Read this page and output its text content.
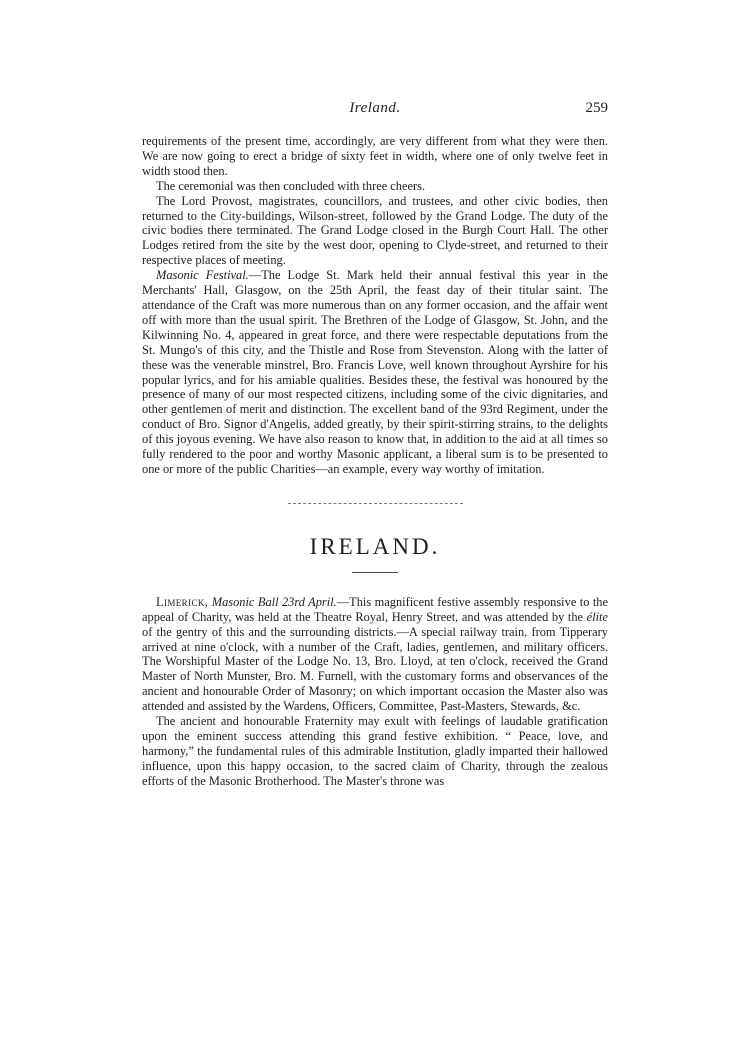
Ireland.	259

requirements of the present time, accordingly, are very different from what they were then. We are now going to erect a bridge of sixty feet in width, where one of only twelve feet in width stood then.

The ceremonial was then concluded with three cheers.

The Lord Provost, magistrates, councillors, and trustees, and other civic bodies, then returned to the City-buildings, Wilson-street, followed by the Grand Lodge. The duty of the civic bodies there terminated. The Grand Lodge closed in the Burgh Court Hall. The other Lodges retired from the site by the west door, opening to Clyde-street, and returned to their respective places of meeting.

Masonic Festival.—The Lodge St. Mark held their annual festival this year in the Merchants' Hall, Glasgow, on the 25th April, the feast day of their titular saint. The attendance of the Craft was more numerous than on any former occasion, and the affair went off with more than the usual spirit. The Brethren of the Lodge of Glasgow, St. John, and the Kilwinning No. 4, appeared in great force, and there were respectable deputations from the St. Mungo's of this city, and the Thistle and Rose from Stevenston. Along with the latter of these was the venerable minstrel, Bro. Francis Love, well known throughout Ayrshire for his popular lyrics, and for his amiable qualities. Besides these, the festival was honoured by the presence of many of our most respected citizens, including some of the civic dignitaries, and other gentlemen of merit and distinction. The excellent band of the 93rd Regiment, under the conduct of Bro. Signor d'Angelis, added greatly, by their spirit-stirring strains, to the delights of this joyous evening. We have also reason to know that, in addition to the aid at all times so fully rendered to the poor and worthy Masonic applicant, a liberal sum is to be presented to one or more of the public Charities—an example, every way worthy of imitation.

IRELAND.

Limerick, Masonic Ball 23rd April.—This magnificent festive assembly responsive to the appeal of Charity, was held at the Theatre Royal, Henry Street, and was attended by the élite of the gentry of this and the surrounding districts.—A special railway train, from Tipperary arrived at nine o'clock, with a number of the Craft, ladies, gentlemen, and military officers. The Worshipful Master of the Lodge No. 13, Bro. Lloyd, at ten o'clock, received the Grand Master of North Munster, Bro. M. Furnell, with the customary forms and observances of the ancient and honourable Order of Masonry; on which important occasion the Master also was attended and assisted by the Wardens, Officers, Committee, Past-Masters, Stewards, &c.

The ancient and honourable Fraternity may exult with feelings of laudable gratification upon the eminent success attending this grand festive exhibition. “ Peace, love, and harmony,” the fundamental rules of this admirable Institution, gladly imparted their hallowed influence, upon this happy occasion, to the sacred claim of Charity, through the zealous efforts of the Masonic Brotherhood. The Master's throne was
